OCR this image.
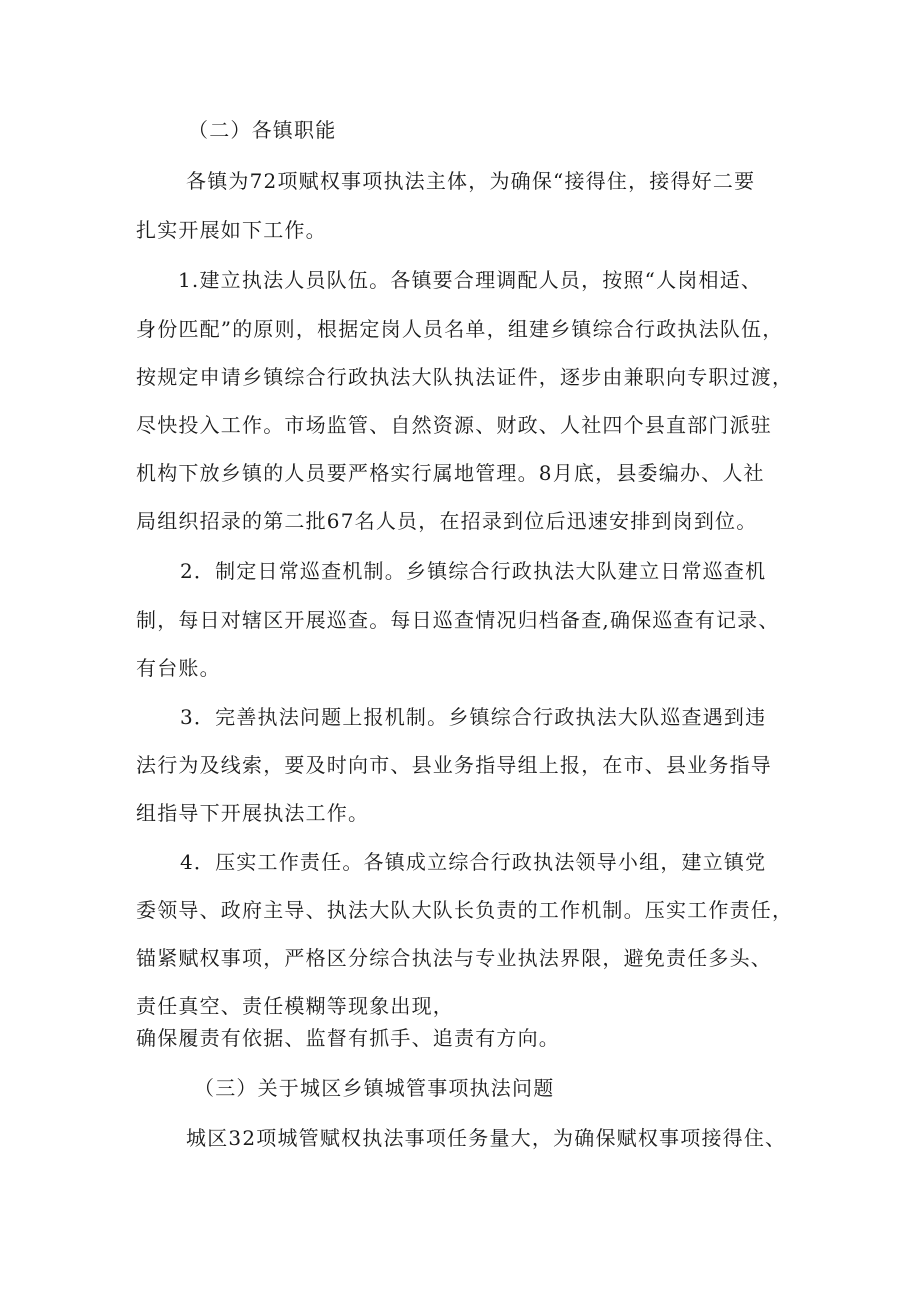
（二）各镇职能
各镇为72项赋权事项执法主体，为确保“接得住，接得好二要
扎实开展如下工作。
1.建立执法人员队伍。各镇要合理调配人员，按照“人岗相适、
身份匹配”的原则，根据定岗人员名单，组建乡镇综合行政执法队伍，
按规定申请乡镇综合行政执法大队执法证件，逐步由兼职向专职过渡，
尽快投入工作。市场监管、自然资源、财政、人社四个县直部门派驻
机构下放乡镇的人员要严格实行属地管理。8月底，县委编办、人社
局组织招录的第二批67名人员，在招录到位后迅速安排到岗到位。
2．制定日常巡查机制。乡镇综合行政执法大队建立日常巡查机
制，每日对辖区开展巡查。每日巡查情况归档备查,确保巡查有记录、
有台账。
3．完善执法问题上报机制。乡镇综合行政执法大队巡查遇到违
法行为及线索，要及时向市、县业务指导组上报，在市、县业务指导
组指导下开展执法工作。
4．压实工作责任。各镇成立综合行政执法领导小组，建立镇党
委领导、政府主导、执法大队大队长负责的工作机制。压实工作责任，
锚紧赋权事项，严格区分综合执法与专业执法界限，避免责任多头、
责任真空、责任模糊等现象出现，
确保履责有依据、监督有抓手、追责有方向。
（三）关于城区乡镇城管事项执法问题
城区32项城管赋权执法事项任务量大，为确保赋权事项接得住、
